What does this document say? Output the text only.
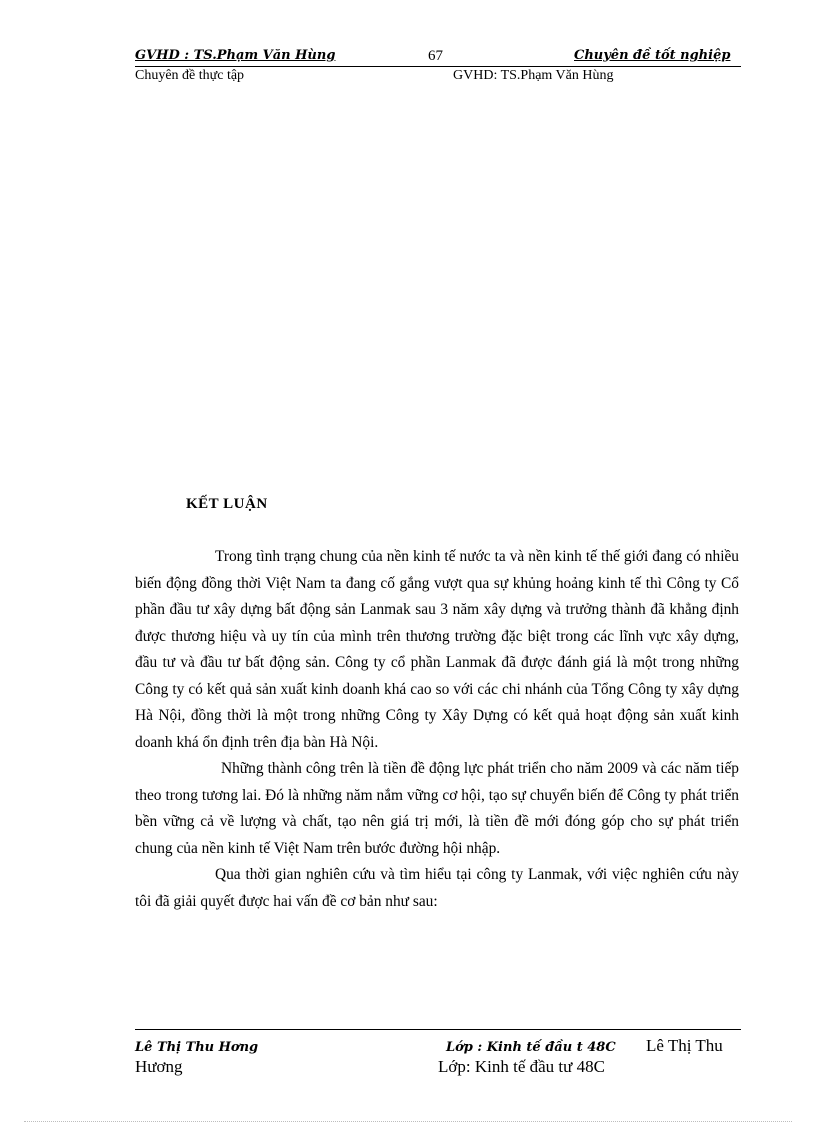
GVHD : TS.Phạm Văn Hùng	67	Chuyên đề tốt nghiệp
Chuyên đề thực tập	GVHD: TS.Phạm Văn Hùng
KẾT LUẬN

Trong tình trạng chung của nền kinh tế nước ta và nền kinh tế thế giới đang có nhiều biến động đồng thời Việt Nam ta đang cố gắng vượt qua sự khủng hoảng kinh tế thì Công ty Cổ phần đầu tư xây dựng bất động sản Lanmak sau 3 năm xây dựng và trưởng thành đã khẳng định được thương hiệu và uy tín của mình trên thương trường đặc biệt trong các lĩnh vực xây dựng, đầu tư và đầu tư bất động sản. Công ty cổ phần Lanmak đã được đánh giá là một trong những Công ty có kết quả sản xuất kinh doanh khá cao so với các chi nhánh của Tổng Công ty xây dựng Hà Nội, đồng thời là một trong những Công ty Xây Dựng có kết quả hoạt động sản xuất kinh doanh khá ổn định trên địa bàn Hà Nội.

Những thành công trên là tiền đề động lực phát triển cho năm 2009 và các năm tiếp theo trong tương lai. Đó là những năm nắm vững cơ hội, tạo sự chuyển biến để Công ty phát triển bền vững cả về lượng và chất, tạo nên giá trị mới, là tiền đề mới đóng góp cho sự phát triển chung của nền kinh tế Việt Nam trên bước đường hội nhập.

Qua thời gian nghiên cứu và tìm hiểu tại công ty Lanmak, với việc nghiên cứu này tôi đã giải quyết được hai vấn đề cơ bản như sau:

Lê Thị Thu Hơng	Lớp : Kinh tế đầu t 48C Lê Thị Thu
Hương	Lớp: Kinh tế đầu tư 48C
